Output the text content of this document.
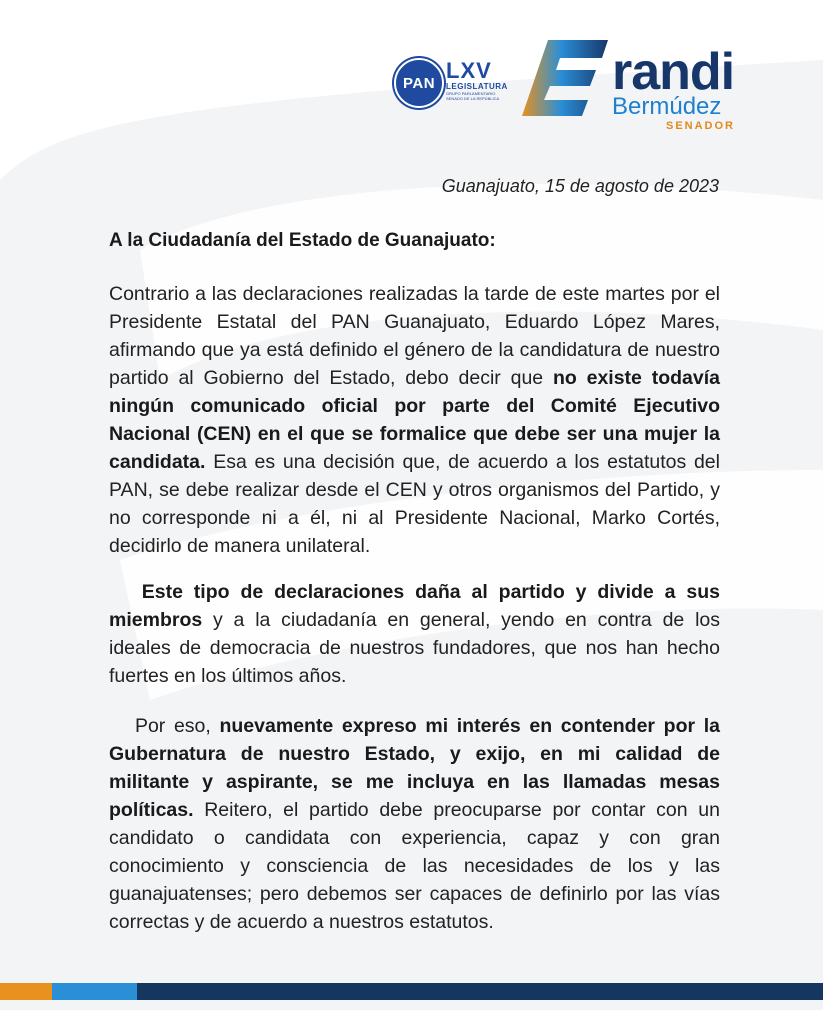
PAN LXV
LEGISLATURA
GRUPO PARLAMENTARIO SENADO DE LA REPÚBLICA randi
Bermúdez
SENADOR
Guanajuato, 15 de agosto de 2023
A la Ciudadanía del Estado de Guanajuato:
Contrario a las declaraciones realizadas la tarde de este martes por el Presidente Estatal del PAN Guanajuato, Eduardo López Mares, afirmando que ya está definido el género de la candidatura de nuestro partido al Gobierno del Estado, debo decir que no existe todavía ningún comunicado oficial por parte del Comité Ejecutivo Nacional (CEN) en el que se formalice que debe ser una mujer la candidata. Esa es una decisión que, de acuerdo a los estatutos del PAN, se debe realizar desde el CEN y otros organismos del Partido, y no corresponde ni a él, ni al Presidente Nacional, Marko Cortés, decidirlo de manera unilateral.
Este tipo de declaraciones daña al partido y divide a sus miembros y a la ciudadanía en general, yendo en contra de los ideales de democracia de nuestros fundadores, que nos han hecho fuertes en los últimos años.
Por eso, nuevamente expreso mi interés en contender por la Gubernatura de nuestro Estado, y exijo, en mi calidad de militante y aspirante, se me incluya en las llamadas mesas políticas. Reitero, el partido debe preocuparse por contar con un candidato o candidata con experiencia, capaz y con gran conocimiento y consciencia de las necesidades de los y las guanajuatenses; pero debemos ser capaces de definirlo por las vías correctas y de acuerdo a nuestros estatutos.
